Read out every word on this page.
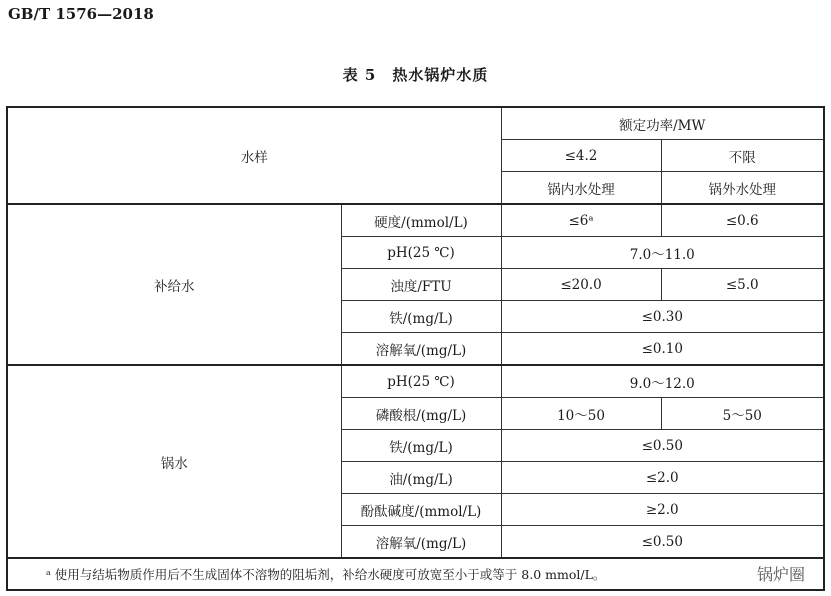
GB/T 1576—2018
表 5　热水锅炉水质
水样		额定功率/MW	
		≤4.2	不限
		锅内水处理	锅外水处理
补给水	硬度/(mmol/L)	≤6ᵃ	≤0.6
	pH(25 ℃)	7.0～11.0	
	浊度/FTU	≤20.0	≤5.0
	铁/(mg/L)	≤0.30	
	溶解氧/(mg/L)	≤0.10	
锅水	pH(25 ℃)	9.0～12.0	
	磷酸根/(mg/L)	10～50	5～50
	铁/(mg/L)	≤0.50	
	油/(mg/L)	≤2.0	
	酚酞碱度/(mmol/L)	≥2.0	
	溶解氧/(mg/L)	≤0.50	
ᵃ 使用与结垢物质作用后不生成固体不溶物的阻垢剂，补给水硬度可放宽至小于或等于 8.0 mmol/L。 锅炉圈			
